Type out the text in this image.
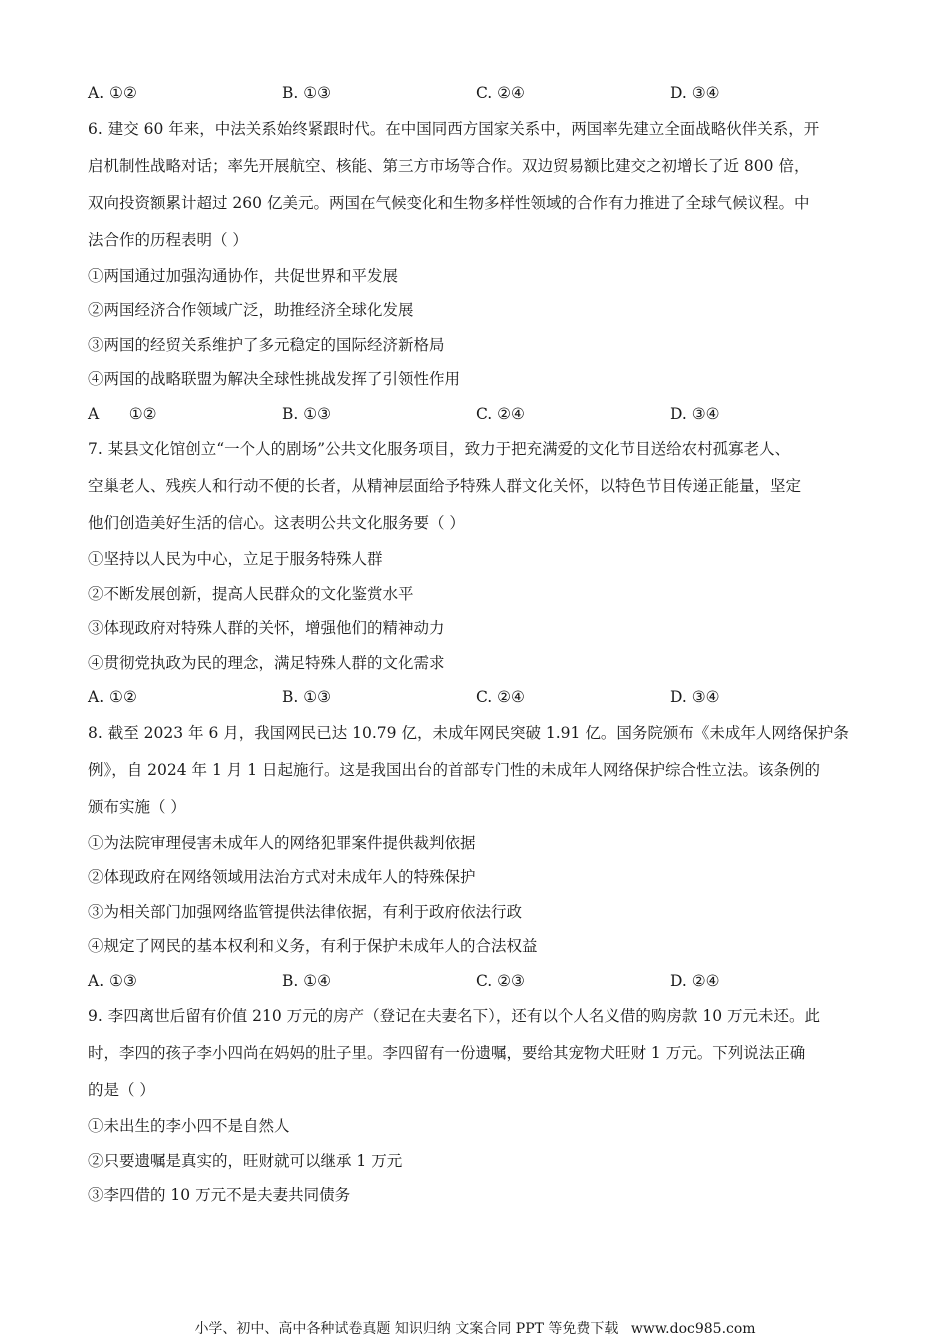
A. ①②	B. ①③	C. ②④	D. ③④
6. 建交 60 年来，中法关系始终紧跟时代。在中国同西方国家关系中，两国率先建立全面战略伙伴关系，开
启机制性战略对话；率先开展航空、核能、第三方市场等合作。双边贸易额比建交之初增长了近 800 倍，
双向投资额累计超过 260 亿美元。两国在气候变化和生物多样性领域的合作有力推进了全球气候议程。中
法合作的历程表明（ ）
①两国通过加强沟通协作，共促世界和平发展
②两国经济合作领域广泛，助推经济全球化发展
③两国的经贸关系维护了多元稳定的国际经济新格局
④两国的战略联盟为解决全球性挑战发挥了引领性作用
A      ①②	B. ①③	C. ②④	D. ③④
7. 某县文化馆创立“一个人的剧场”公共文化服务项目，致力于把充满爱的文化节目送给农村孤寡老人、
空巢老人、残疾人和行动不便的长者，从精神层面给予特殊人群文化关怀，以特色节目传递正能量，坚定
他们创造美好生活的信心。这表明公共文化服务要（ ）
①坚持以人民为中心，立足于服务特殊人群
②不断发展创新，提高人民群众的文化鉴赏水平
③体现政府对特殊人群的关怀，增强他们的精神动力
④贯彻党执政为民的理念，满足特殊人群的文化需求
A. ①②	B. ①③	C. ②④	D. ③④
8. 截至 2023 年 6 月，我国网民已达 10.79 亿，未成年网民突破 1.91 亿。国务院颁布《未成年人网络保护条
例》，自 2024 年 1 月 1 日起施行。这是我国出台的首部专门性的未成年人网络保护综合性立法。该条例的
颁布实施（ ）
①为法院审理侵害未成年人的网络犯罪案件提供裁判依据
②体现政府在网络领域用法治方式对未成年人的特殊保护
③为相关部门加强网络监管提供法律依据，有利于政府依法行政
④规定了网民的基本权利和义务，有利于保护未成年人的合法权益
A. ①③	B. ①④	C. ②③	D. ②④
9. 李四离世后留有价值 210 万元的房产（登记在夫妻名下），还有以个人名义借的购房款 10 万元未还。此
时，李四的孩子李小四尚在妈妈的肚子里。李四留有一份遗嘱，要给其宠物犬旺财 1 万元。下列说法正确
的是（ ）
①未出生的李小四不是自然人
②只要遗嘱是真实的，旺财就可以继承 1 万元
③李四借的 10 万元不是夫妻共同债务
小学、初中、高中各种试卷真题 知识归纳 文案合同 PPT 等免费下载 www.doc985.com
